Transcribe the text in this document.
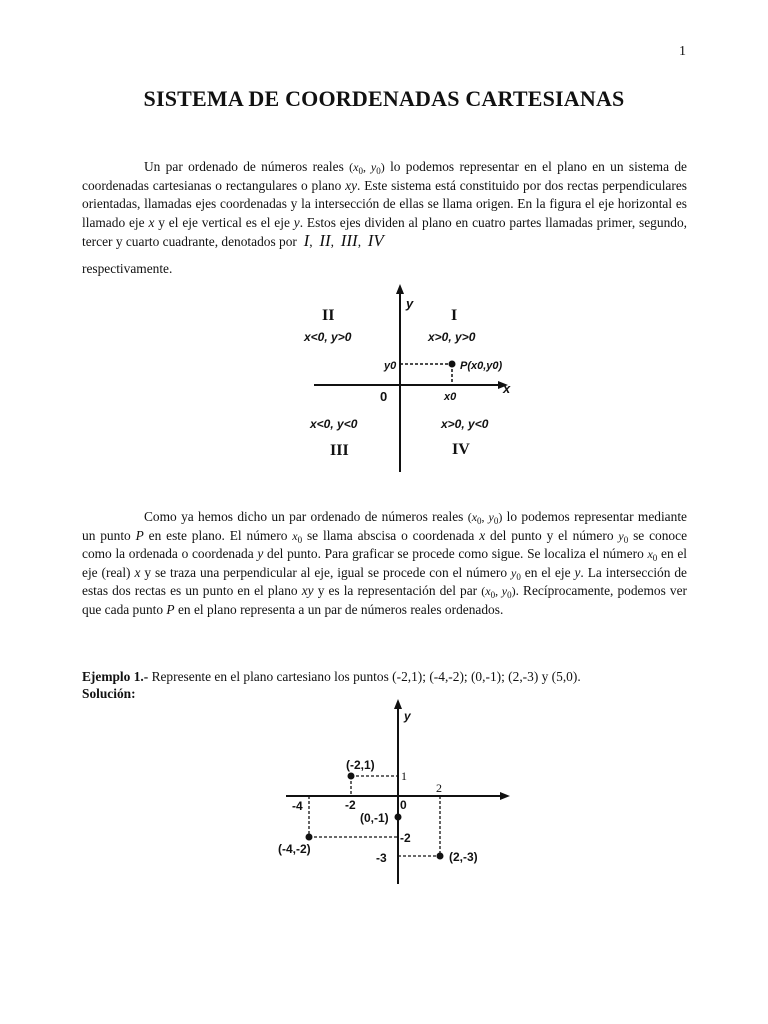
1
SISTEMA DE COORDENADAS CARTESIANAS

Un par ordenado de números reales ($x_0$, $y_0$) lo podemos representar en el plano en un sistema de coordenadas cartesianas o rectangulares o plano xy. Este sistema está constituido por dos rectas perpendiculares orientadas, llamadas ejes coordenadas y la intersección de ellas se llama origen. En la figura el eje horizontal es llamado eje x y el eje vertical es el eje y. Estos ejes dividen al plano en cuatro partes llamadas primer, segundo, tercer y cuarto cuadrante, denotados por I,  II,  III,  IV
respectivamente.

y
x
0
II	I
x<0, y>0	x>0, y>0
P(x0,y0)
y0
x0
x<0, y<0	x>0, y<0
III	IV

Como ya hemos dicho un par ordenado de números reales ($x_0$, $y_0$) lo podemos representar mediante un punto P en este plano. El número $x_0$ se llama abscisa o coordenada x del punto y el número $y_0$ se conoce como la ordenada o coordenada y del punto. Para graficar se procede como sigue. Se localiza el número $x_0$ en el eje (real) x y se traza una perpendicular al eje, igual se procede con el número $y_0$ en el eje y. La intersección de estas dos rectas es un punto en el plano xy y es la representación del par ($x_0$, $y_0$). Recíprocamente, podemos ver que cada punto P en el plano representa a un par de números reales ordenados.

Ejemplo 1.- Represente en el plano cartesiano los puntos (-2,1); (-4,-2); (0,-1); (2,-3) y (5,0).
Solución:
y
(-2,1)
(0,-1)
(-4,-2)
(2,-3)
-4	-2	0
2
1
-2
-3
